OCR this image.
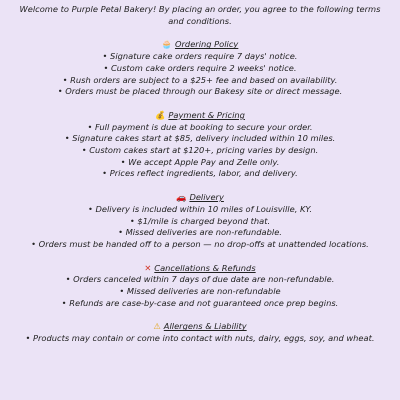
Welcome to Purple Petal Bakery! By placing an order, you agree to the following terms and conditions.

🧁 Ordering Policy

• Signature cake orders require 7 days' notice.

• Custom cake orders require 2 weeks' notice.

• Rush orders are subject to a $25+ fee and based on availability.

• Orders must be placed through our Bakesy site or direct message.

💰 Payment & Pricing

• Full payment is due at booking to secure your order.

• Signature cakes start at $85, delivery included within 10 miles.

• Custom cakes start at $120+, pricing varies by design.

• We accept Apple Pay and Zelle only.

• Prices reflect ingredients, labor, and delivery.

🚗 Delivery

• Delivery is included within 10 miles of Louisville, KY.

• $1/mile is charged beyond that.

• Missed deliveries are non-refundable.

• Orders must be handed off to a person — no drop-offs at unattended locations.

✕ Cancellations & Refunds

• Orders canceled within 7 days of due date are non-refundable.

• Missed deliveries are non-refundable

• Refunds are case-by-case and not guaranteed once prep begins.

⚠ Allergens & Liability

• Products may contain or come into contact with nuts, dairy, eggs, soy, and wheat.
